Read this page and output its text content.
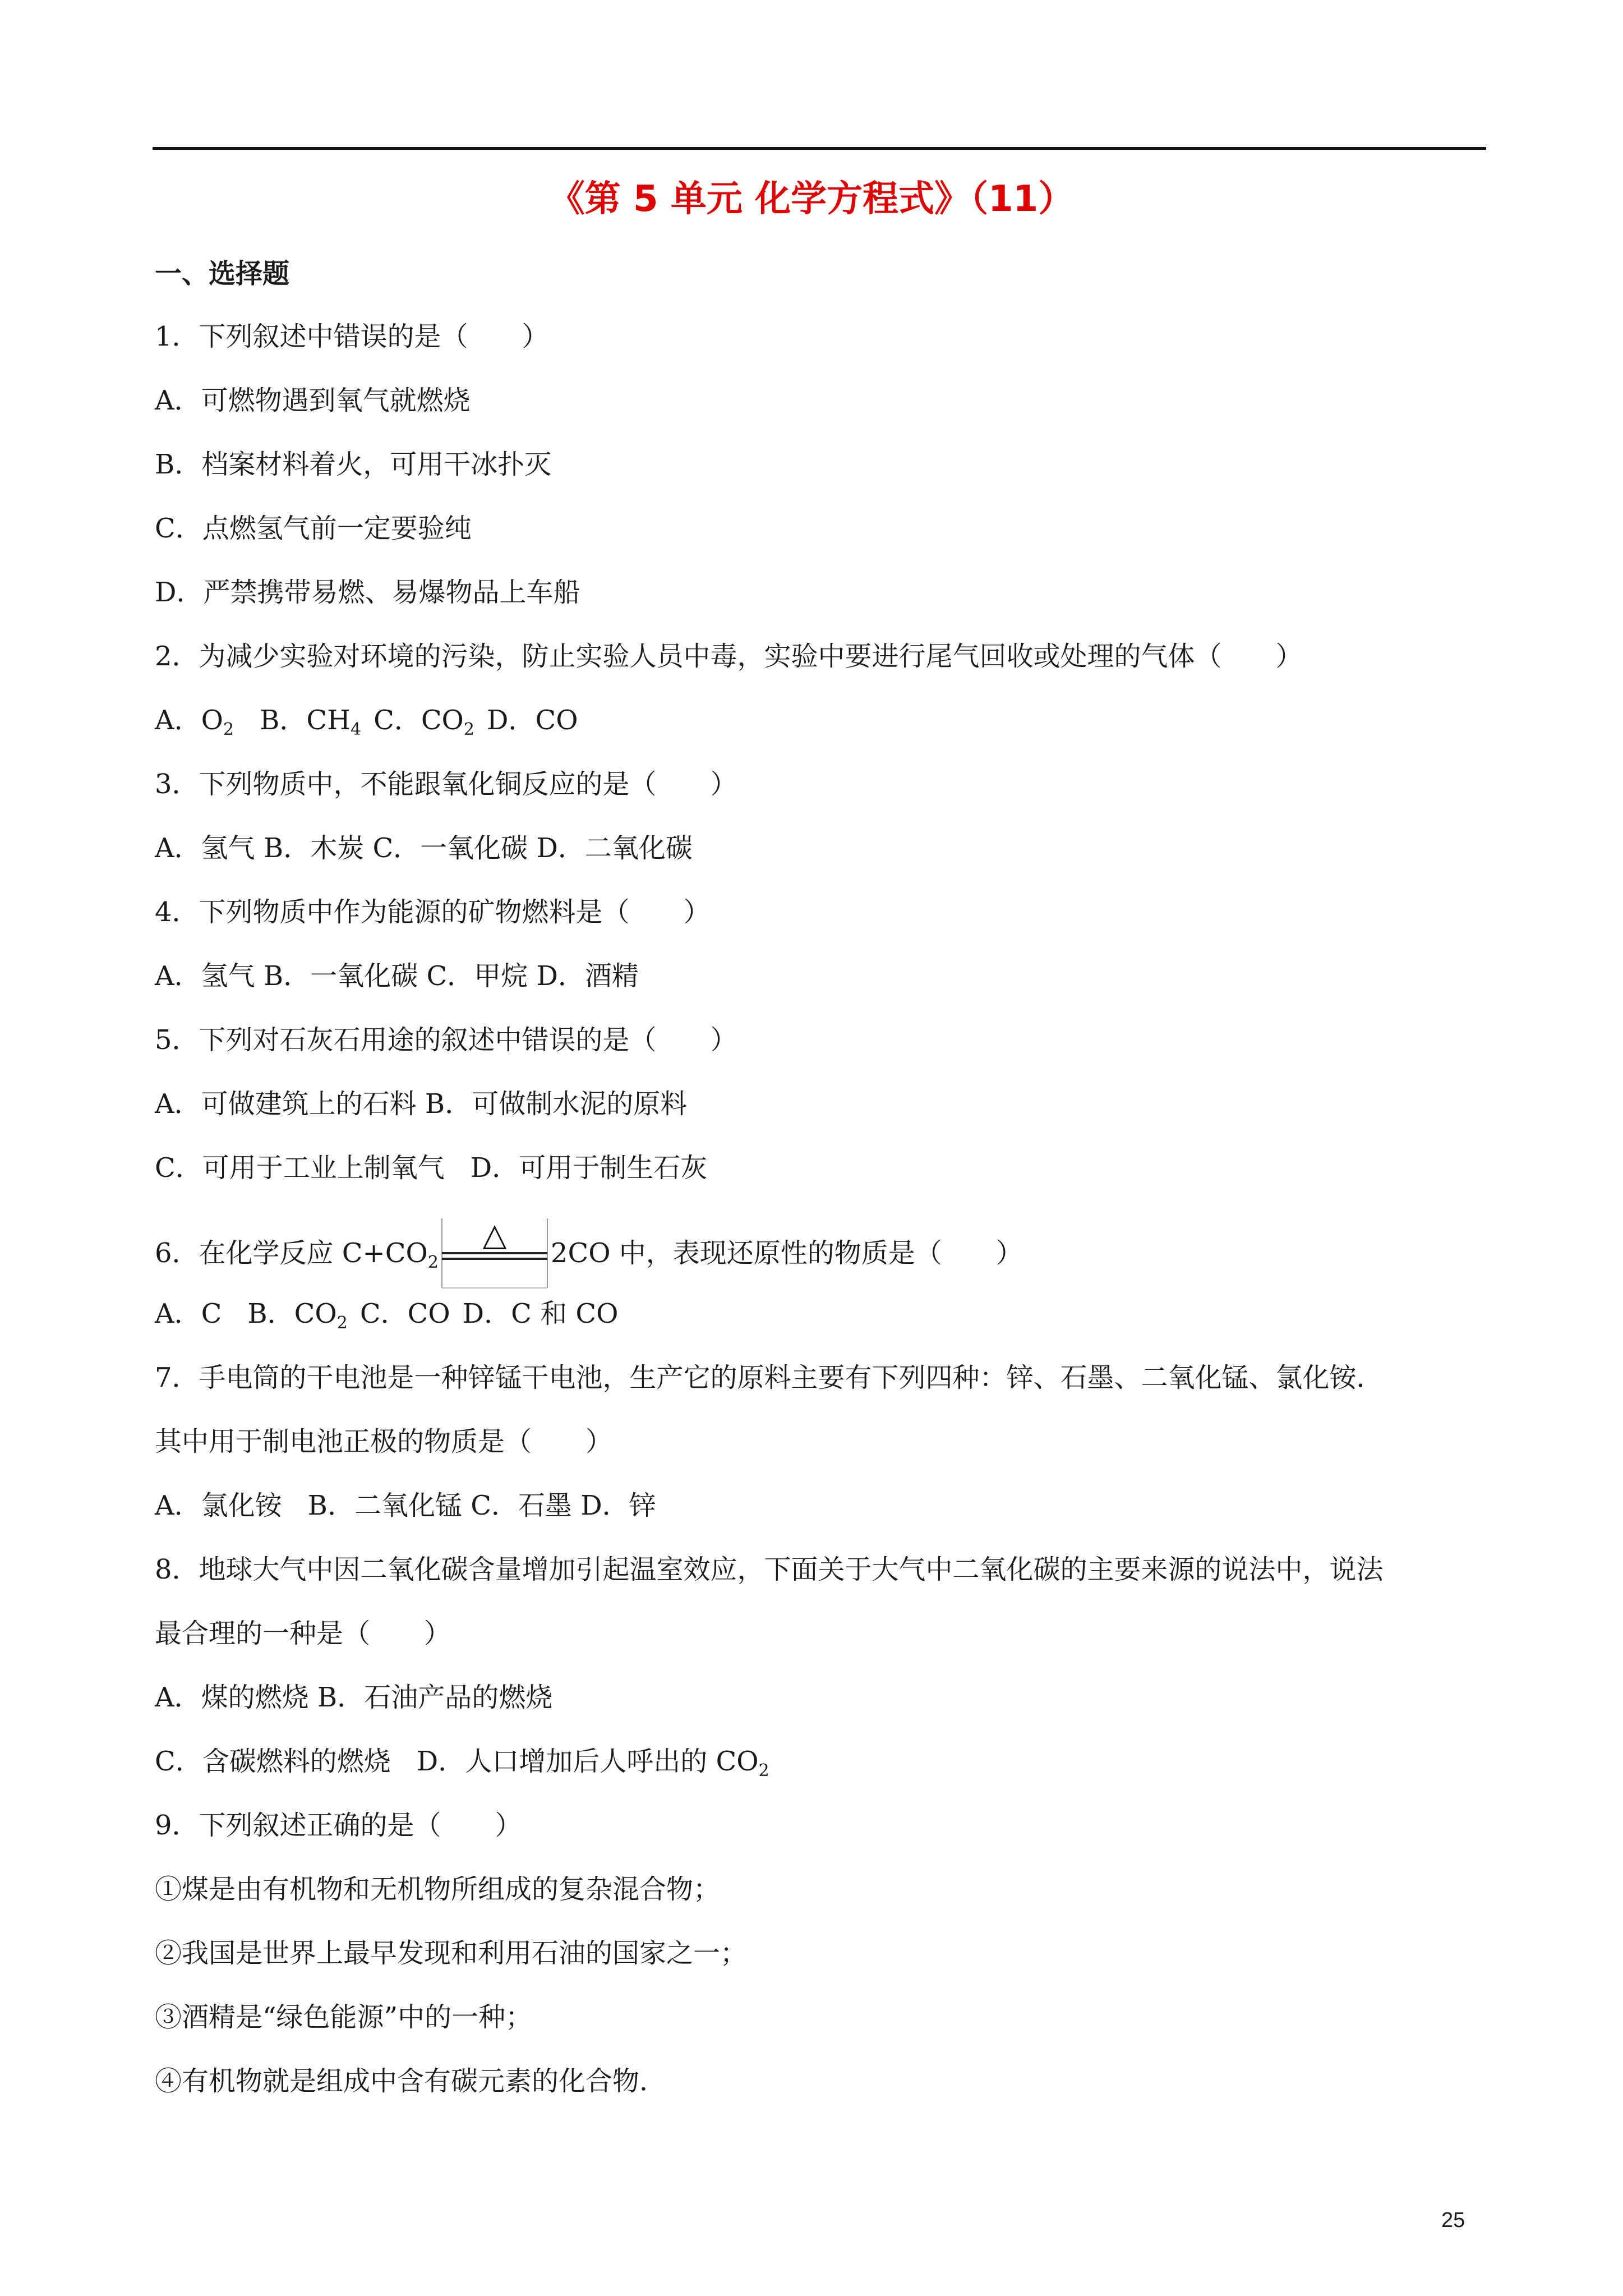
《第 5 单元 化学方程式》（11）
一、选择题
1．下列叙述中错误的是（　　）
A．可燃物遇到氧气就燃烧
B．档案材料着火，可用干冰扑灭
C．点燃氢气前一定要验纯
D．严禁携带易燃、易爆物品上车船
2．为减少实验对环境的污染，防止实验人员中毒，实验中要进行尾气回收或处理的气体（　　）
A．$O_2$ B．$CH_4$ C．$CO_2$ D．CO
3．下列物质中，不能跟氧化铜反应的是（　　）
A．氢气 B．木炭 C．一氧化碳 D．二氧化碳
4．下列物质中作为能源的矿物燃料是（　　）
A．氢气 B．一氧化碳 C．甲烷 D．酒精
5．下列对石灰石用途的叙述中错误的是（　　）
A．可做建筑上的石料 B．可做制水泥的原料
C．可用于工业上制氧气 D．可用于制生石灰
6．在化学反应 $C+CO_2$
△ 2CO 中，表现还原性的物质是（　　）
A．C B．$CO_2$ C．CO D．C 和 CO
7．手电筒的干电池是一种锌锰干电池，生产它的原料主要有下列四种：锌、石墨、二氧化锰、氯化铵．
其中用于制电池正极的物质是（　　）
A．氯化铵 B．二氧化锰 C．石墨 D．锌
8．地球大气中因二氧化碳含量增加引起温室效应，下面关于大气中二氧化碳的主要来源的说法中，说法
最合理的一种是（　　）
A．煤的燃烧 B．石油产品的燃烧
C．含碳燃料的燃烧 D．人口增加后人呼出的 $CO_2$
9．下列叙述正确的是（　　）
①煤是由有机物和无机物所组成的复杂混合物；
②我国是世界上最早发现和利用石油的国家之一；
③酒精是“绿色能源”中的一种；
④有机物就是组成中含有碳元素的化合物．
25
